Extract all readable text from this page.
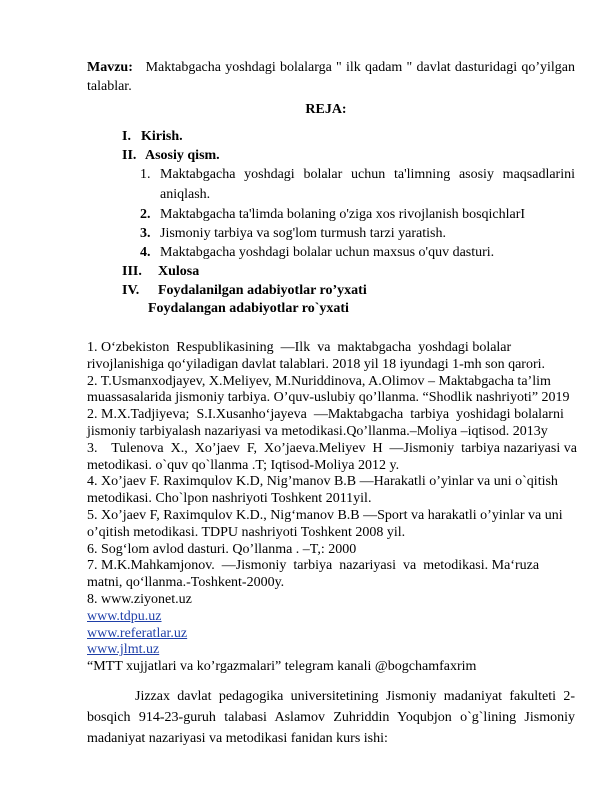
Mavzu: Maktabgacha yoshdagi bolalarga " ilk qadam " davlat dasturidagi qo’yilgan talablar.
REJA:
I. Kirish.
II. Asosiy qism.
1. Maktabgacha yoshdagi bolalar uchun ta'limning asosiy maqsadlarini aniqlash.
2. Maktabgacha ta'limda bolaning o'ziga xos rivojlanish bosqichlarI
3. Jismoniy tarbiya va sog'lom turmush tarzi yaratish.
4. Maktabgacha yoshdagi bolalar uchun maxsus o'quv dasturi.
III. Xulosa
IV. Foydalanilgan adabiyotlar ro’yxati
Foydalangan adabiyotlar ro`yxati
1. O‘zbekiston  Respublikasining  ―Ilk  va  maktabgacha  yoshdagi bolalar rivojlanishiga qo‘yiladigan davlat talablari. 2018 yil 18 iyundagi 1-mh son qarori.
2. T.Usmanxodjayev, X.Meliyev, M.Nuriddinova, A.Olimov – Maktabgacha ta’lim muassasalarida jismoniy tarbiya. O’quv-uslubiy qo’llanma. “Shodlik nashriyoti” 2019
2. M.X.Tadjiyeva;  S.I.Xusanho‘jayeva  ―Maktabgacha  tarbiya  yoshidagi bolalarni jismoniy tarbiyalash nazariyasi va metodikasi.Qo’llanma.–Moliya –iqtisod. 2013y
3.    Tulenova  X.,  Xo’jaev  F,  Xo’jaeva.Meliyev  H  ―Jismoniy  tarbiya nazariyasi va metodikasi. o`quv qo`llanma .T; Iqtisod-Moliya 2012 y.
4. Xo’jaev F. Raximqulov K.D, Nig’manov B.B ―Harakatli o’yinlar va uni o`qitish metodikasi. Cho`lpon nashriyoti Toshkent 2011yil.
5. Xo’jaev F, Raximqulov K.D., Nig‘manov B.B ―Sport va harakatli o’yinlar va uni o’qitish metodikasi. TDPU nashriyoti Toshkent 2008 yil.
6. Sog‘lom avlod dasturi. Qo’llanma . –T,: 2000
7. M.K.Mahkamjonov.  ―Jismoniy  tarbiya  nazariyasi  va  metodikasi. Ma‘ruza matni, qo‘llanma.-Toshkent-2000y.
8. www.ziyonet.uz
www.tdpu.uz
www.referatlar.uz
www.jlmt.uz
“MTT xujjatlari va ko’rgazmalari” telegram kanali @bogchamfaxrim
Jizzax davlat pedagogika universitetining Jismoniy madaniyat fakulteti 2-bosqich 914-23-guruh talabasi Aslamov Zuhriddin Yoqubjon o`g`lining Jismoniy madaniyat nazariyasi va metodikasi fanidan kurs ishi:
